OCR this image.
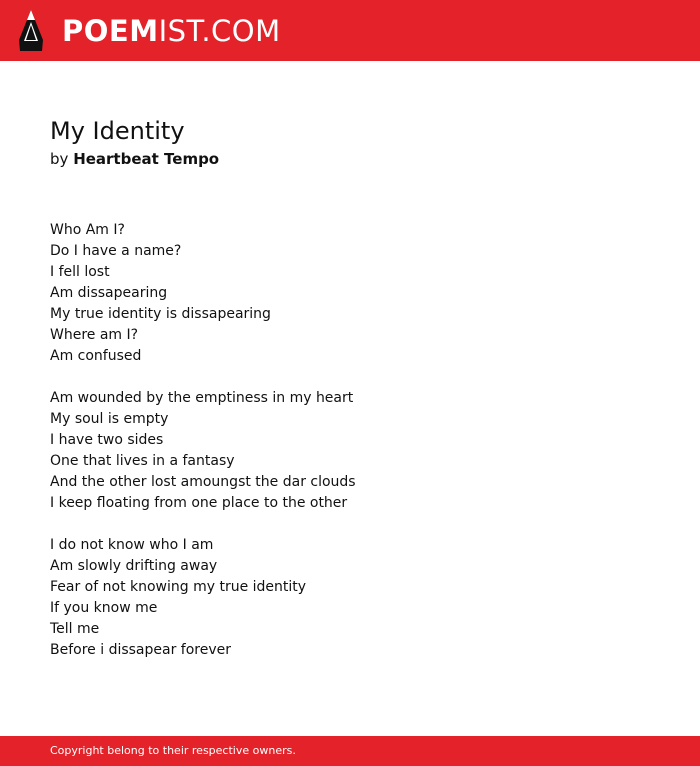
POEMIST.COM
My Identity
by Heartbeat Tempo
Who Am I?
Do I have a name?
I fell lost
Am dissapearing
My true identity is dissapearing
Where am I?
Am confused
Am wounded by the emptiness in my heart
My soul is empty
I have two sides
One that lives in a fantasy
And the other lost amoungst the dar clouds
I keep floating from one place to the other
I do not know who I am
Am slowly drifting away
Fear of not knowing my true identity
If you know me
Tell me
Before i dissapear forever
Copyright belong to their respective owners.
